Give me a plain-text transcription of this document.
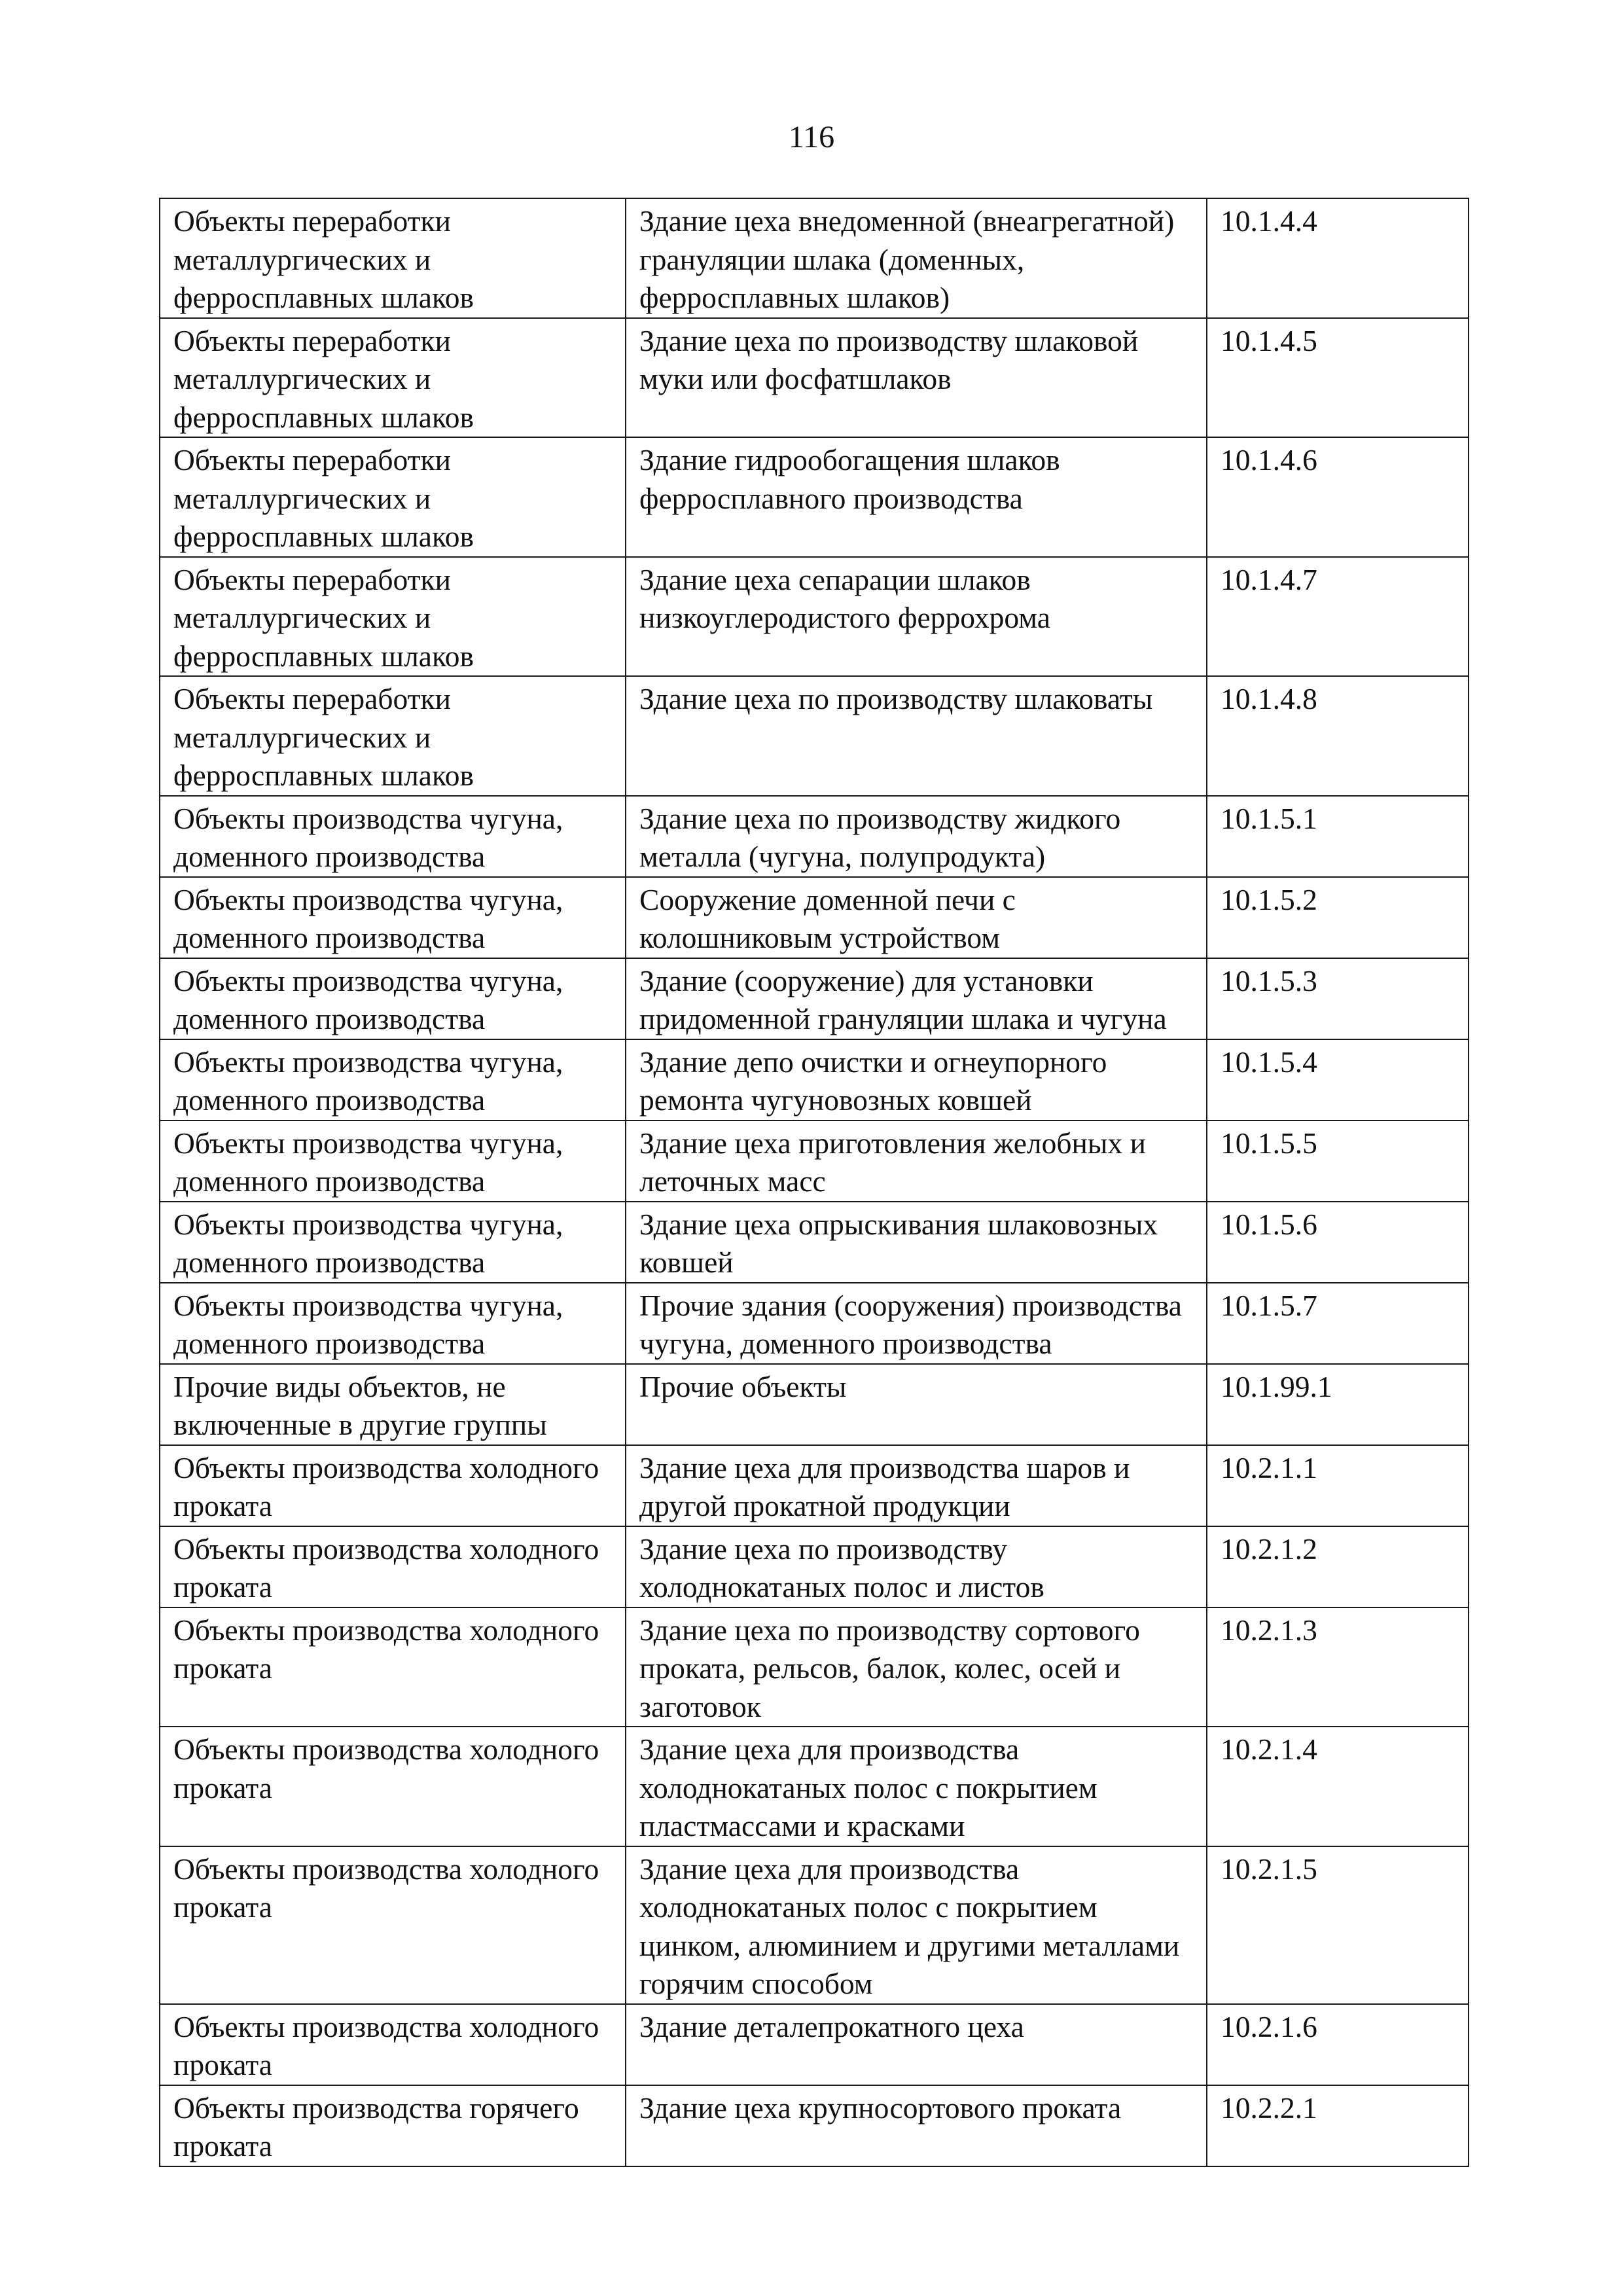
116
Объекты переработки металлургических и ферросплавных шлаков	Здание цеха внедоменной (внеагрегатной) грануляции шлака (доменных, ферросплавных шлаков)	10.1.4.4
Объекты переработки металлургических и ферросплавных шлаков	Здание цеха по производству шлаковой муки или фосфатшлаков	10.1.4.5
Объекты переработки металлургических и ферросплавных шлаков	Здание гидрообогащения шлаков ферросплавного производства	10.1.4.6
Объекты переработки металлургических и ферросплавных шлаков	Здание цеха сепарации шлаков низкоуглеродистого феррохрома	10.1.4.7
Объекты переработки металлургических и ферросплавных шлаков	Здание цеха по производству шлаковаты	10.1.4.8
Объекты производства чугуна, доменного производства	Здание цеха по производству жидкого металла (чугуна, полупродукта)	10.1.5.1
Объекты производства чугуна, доменного производства	Сооружение доменной печи с колошниковым устройством	10.1.5.2
Объекты производства чугуна, доменного производства	Здание (сооружение) для установки придоменной грануляции шлака и чугуна	10.1.5.3
Объекты производства чугуна, доменного производства	Здание депо очистки и огнеупорного ремонта чугуновозных ковшей	10.1.5.4
Объекты производства чугуна, доменного производства	Здание цеха приготовления желобных и леточных масс	10.1.5.5
Объекты производства чугуна, доменного производства	Здание цеха опрыскивания шлаковозных ковшей	10.1.5.6
Объекты производства чугуна, доменного производства	Прочие здания (сооружения) производства чугуна, доменного производства	10.1.5.7
Прочие виды объектов, не включенные в другие группы	Прочие объекты	10.1.99.1
Объекты производства холодного проката	Здание цеха для производства шаров и другой прокатной продукции	10.2.1.1
Объекты производства холодного проката	Здание цеха по производству холоднокатаных полос и листов	10.2.1.2
Объекты производства холодного проката	Здание цеха по производству сортового проката, рельсов, балок, колес, осей и заготовок	10.2.1.3
Объекты производства холодного проката	Здание цеха для производства холоднокатаных полос с покрытием пластмассами и красками	10.2.1.4
Объекты производства холодного проката	Здание цеха для производства холоднокатаных полос с покрытием цинком, алюминием и другими металлами горячим способом	10.2.1.5
Объекты производства холодного проката	Здание деталепрокатного цеха	10.2.1.6
Объекты производства горячего проката	Здание цеха крупносортового проката	10.2.2.1
